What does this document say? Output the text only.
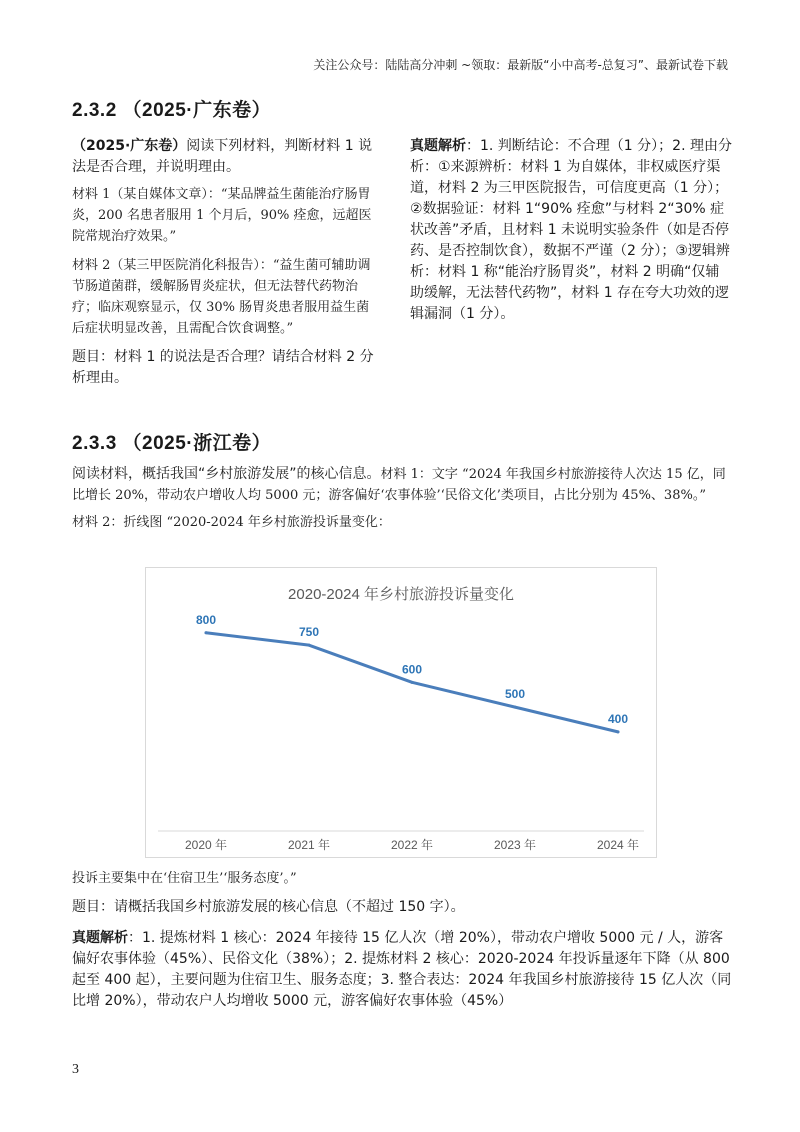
关注公众号：陆陆高分冲刺 ~领取：最新版“小中高考-总复习”、最新试卷下载
2.3.2 （2025·广东卷）

（2025·广东卷）阅读下列材料，判断材料 1 说法是否合理，并说明理由。

材料 1（某自媒体文章）：“某品牌益生菌能治疗肠胃炎，200 名患者服用 1 个月后，90% 痊愈，远超医院常规治疗效果。”

材料 2（某三甲医院消化科报告）：“益生菌可辅助调节肠道菌群，缓解肠胃炎症状，但无法替代药物治疗；临床观察显示，仅 30% 肠胃炎患者服用益生菌后症状明显改善，且需配合饮食调整。”

题目：材料 1 的说法是否合理？请结合材料 2 分析理由。

真题解析：1. 判断结论：不合理（1 分）；2. 理由分析：①来源辨析：材料 1 为自媒体，非权威医疗渠道，材料 2 为三甲医院报告，可信度更高（1 分）；②数据验证：材料 1“90% 痊愈”与材料 2“30% 症状改善”矛盾，且材料 1 未说明实验条件（如是否停药、是否控制饮食），数据不严谨（2 分）；③逻辑辨析：材料 1 称“能治疗肠胃炎”，材料 2 明确“仅辅助缓解，无法替代药物”，材料 1 存在夸大功效的逻辑漏洞（1 分）。

2.3.3 （2025·浙江卷）

阅读材料，概括我国“乡村旅游发展”的核心信息。材料 1：文字 “2024 年我国乡村旅游接待人次达 15 亿，同比增长 20%，带动农户增收人均 5000 元；游客偏好‘农事体验’‘民俗文化’类项目，占比分别为 45%、38%。”

材料 2：折线图 “2020-2024 年乡村旅游投诉量变化：

2020-2024 年乡村旅游投诉量变化
800
2020 年
750
2021 年
600
2022 年
500
2023 年
400
2024 年

投诉主要集中在‘住宿卫生’‘服务态度’。”

题目：请概括我国乡村旅游发展的核心信息（不超过 150 字）。

真题解析：1. 提炼材料 1 核心：2024 年接待 15 亿人次（增 20%），带动农户增收 5000 元 / 人，游客偏好农事体验（45%）、民俗文化（38%）；2. 提炼材料 2 核心：2020-2024 年投诉量逐年下降（从 800 起至 400 起），主要问题为住宿卫生、服务态度；3. 整合表达：2024 年我国乡村旅游接待 15 亿人次（同比增 20%），带动农户人均增收 5000 元，游客偏好农事体验（45%）

3
